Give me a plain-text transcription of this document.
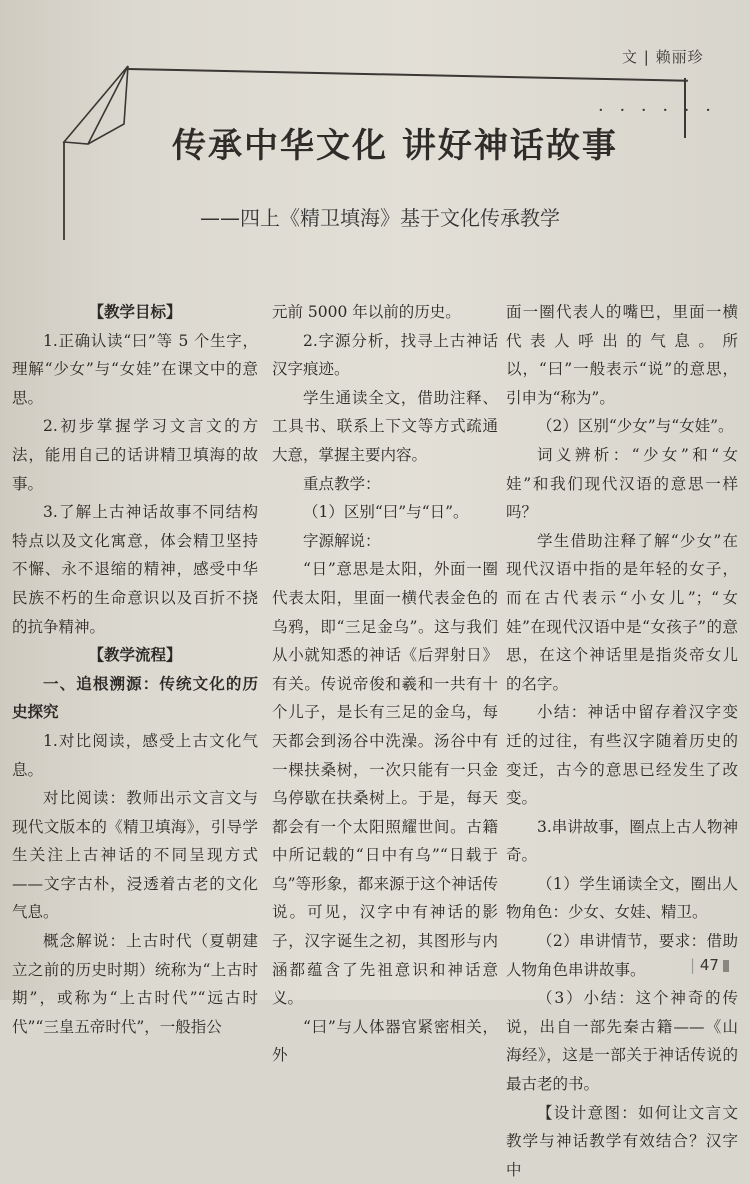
文 | 赖丽珍
· · · · · ·
传承中华文化 讲好神话故事
——四上《精卫填海》基于文化传承教学

【教学目标】

1.正确认读“曰”等 5 个生字，理解“少女”与“女娃”在课文中的意思。

2.初步掌握学习文言文的方法，能用自己的话讲精卫填海的故事。

3.了解上古神话故事不同结构特点以及文化寓意，体会精卫坚持不懈、永不退缩的精神，感受中华民族不朽的生命意识以及百折不挠的抗争精神。

【教学流程】

一、追根溯源：传统文化的历史探究

1.对比阅读，感受上古文化气息。

对比阅读：教师出示文言文与现代文版本的《精卫填海》，引导学生关注上古神话的不同呈现方式——文字古朴，浸透着古老的文化气息。

概念解说：上古时代（夏朝建立之前的历史时期）统称为“上古时期”，或称为“上古时代”“远古时代”“三皇五帝时代”，一般指公

元前 5000 年以前的历史。

2.字源分析，找寻上古神话汉字痕迹。

学生通读全文，借助注释、工具书、联系上下文等方式疏通大意，掌握主要内容。

重点教学：

（1）区别“曰”与“日”。

字源解说：

“日”意思是太阳，外面一圈代表太阳，里面一横代表金色的乌鸦，即“三足金乌”。这与我们从小就知悉的神话《后羿射日》有关。传说帝俊和羲和一共有十个儿子，是长有三足的金乌，每天都会到汤谷中洗澡。汤谷中有一棵扶桑树，一次只能有一只金乌停歇在扶桑树上。于是，每天都会有一个太阳照耀世间。古籍中所记载的“日中有乌”“日载于乌”等形象，都来源于这个神话传说。可见，汉字中有神话的影子，汉字诞生之初，其图形与内涵都蕴含了先祖意识和神话意义。

“曰”与人体器官紧密相关，外

面一圈代表人的嘴巴，里面一横代表人呼出的气息。所以，“曰”一般表示“说”的意思，引申为“称为”。

（2）区别“少女”与“女娃”。

词义辨析：“少女”和“女娃”和我们现代汉语的意思一样吗？

学生借助注释了解“少女”在现代汉语中指的是年轻的女子，而在古代表示“小女儿”；“女娃”在现代汉语中是“女孩子”的意思，在这个神话里是指炎帝女儿的名字。

小结：神话中留存着汉字变迁的过往，有些汉字随着历史的变迁，古今的意思已经发生了改变。

3.串讲故事，圈点上古人物神奇。

（1）学生诵读全文，圈出人物角色：少女、女娃、精卫。

（2）串讲情节，要求：借助人物角色串讲故事。

（3）小结：这个神奇的传说，出自一部先秦古籍——《山海经》，这是一部关于神话传说的最古老的书。

【设计意图：如何让文言文教学与神话教学有效结合？汉字中

| 47
